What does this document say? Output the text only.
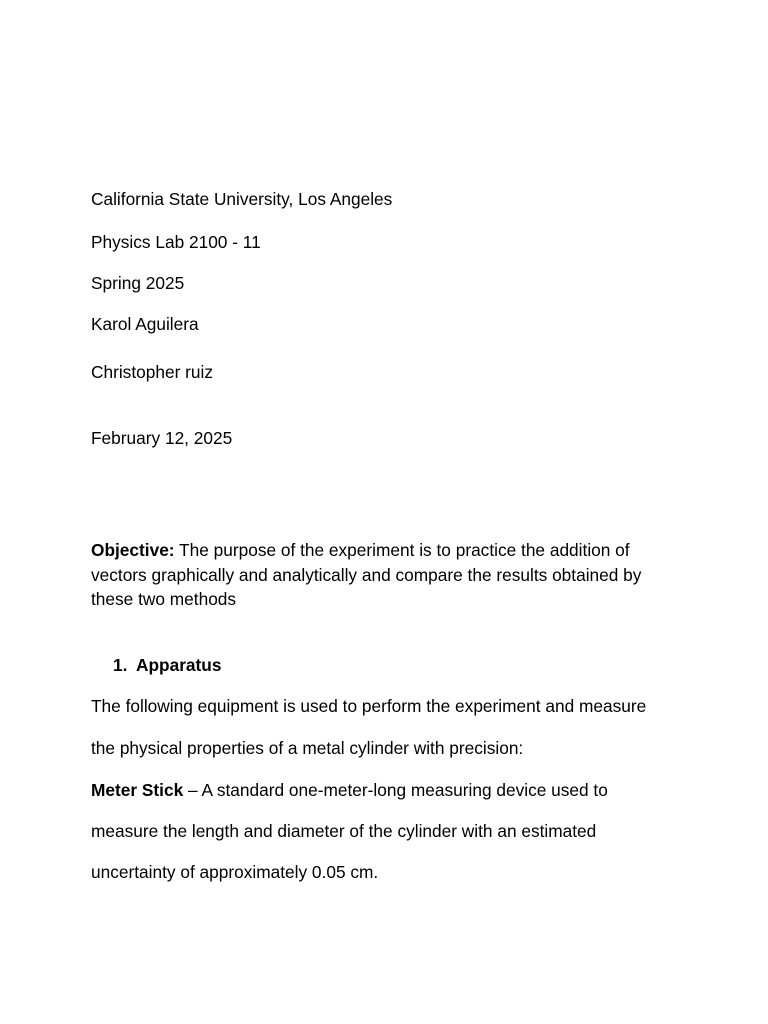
California State University, Los Angeles
Physics Lab 2100 - 11
Spring 2025
Karol Aguilera
Christopher ruiz
February 12, 2025
Objective: The purpose of the experiment is to practice the addition of vectors graphically and analytically and compare the results obtained by these two methods
1. Apparatus
The following equipment is used to perform the experiment and measure
the physical properties of a metal cylinder with precision:
Meter Stick – A standard one-meter-long measuring device used to
measure the length and diameter of the cylinder with an estimated
uncertainty of approximately 0.05 cm.
